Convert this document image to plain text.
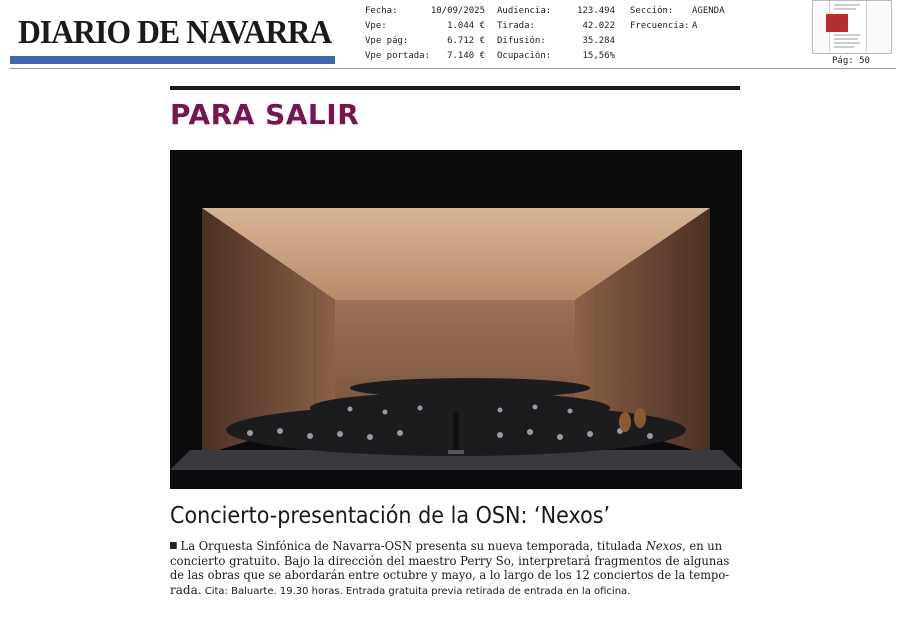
DIARIO DE NAVARRA
Fecha:	10/09/2025
Vpe:	1.044 €
Vpe pág:	6.712 €
Vpe portada: 7.140 €
Audiencia:	123.494
Tirada:	42.022
Difusión:	35.284
Ocupación:	15,56%
Sección: AGENDA
Frecuencia: A
Pág: 50
PARA SALIR
Concierto-presentación de la OSN: ‘Nexos’
La Orquesta Sinfónica de Navarra-OSN presenta su nueva temporada, titulada Nexos, en un
concierto gratuito. Bajo la dirección del maestro Perry So, interpretará fragmentos de algunas
de las obras que se abordarán entre octubre y mayo, a lo largo de los 12 conciertos de la tempo-
rada. Cita: Baluarte. 19.30 horas. Entrada gratuita previa retirada de entrada en la oficina.
